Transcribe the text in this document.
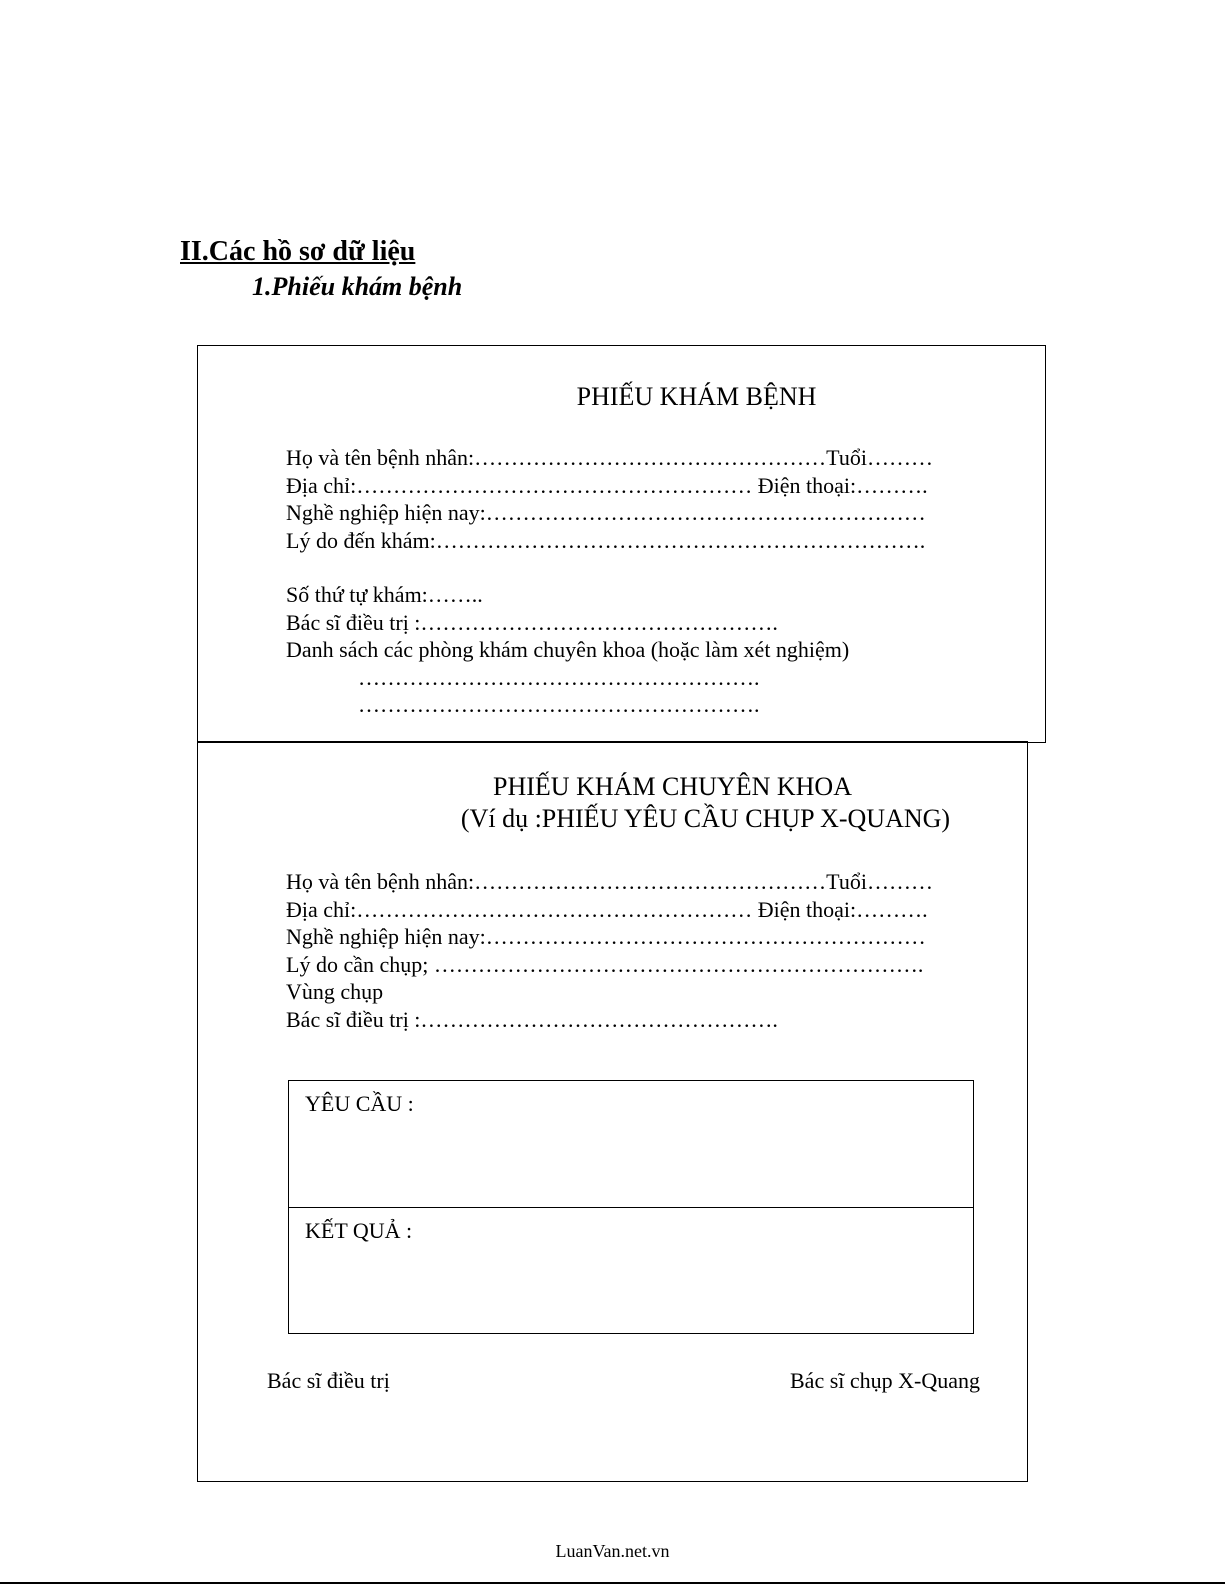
II.Các hồ sơ dữ liệu
1.Phiếu khám bệnh
PHIẾU KHÁM BỆNH
Họ và tên bệnh nhân:…………………………………………Tuổi………
Địa chỉ:……………………………………………… Điện thoại:……….
Nghề nghiệp hiện nay:……………………………………………………
Lý do đến khám:………………………………………………………….
Số thứ tự khám:……..
Bác sĩ điều trị :………………………………………….
Danh sách các phòng khám chuyên khoa (hoặc làm xét nghiệm)
……………………………………………….
……………………………………………….
PHIẾU KHÁM CHUYÊN KHOA
(Ví dụ :PHIẾU YÊU CẦU CHỤP X-QUANG)
Họ và tên bệnh nhân:…………………………………………Tuổi………
Địa chỉ:……………………………………………… Điện thoại:……….
Nghề nghiệp hiện nay:……………………………………………………
Lý do cần chụp; ………………………………………………………….
Vùng chụp
Bác sĩ điều trị :………………………………………….
YÊU CẦU :
KẾT QUẢ :
Bác sĩ điều trị	Bác sĩ chụp X-Quang
LuanVan.net.vn
